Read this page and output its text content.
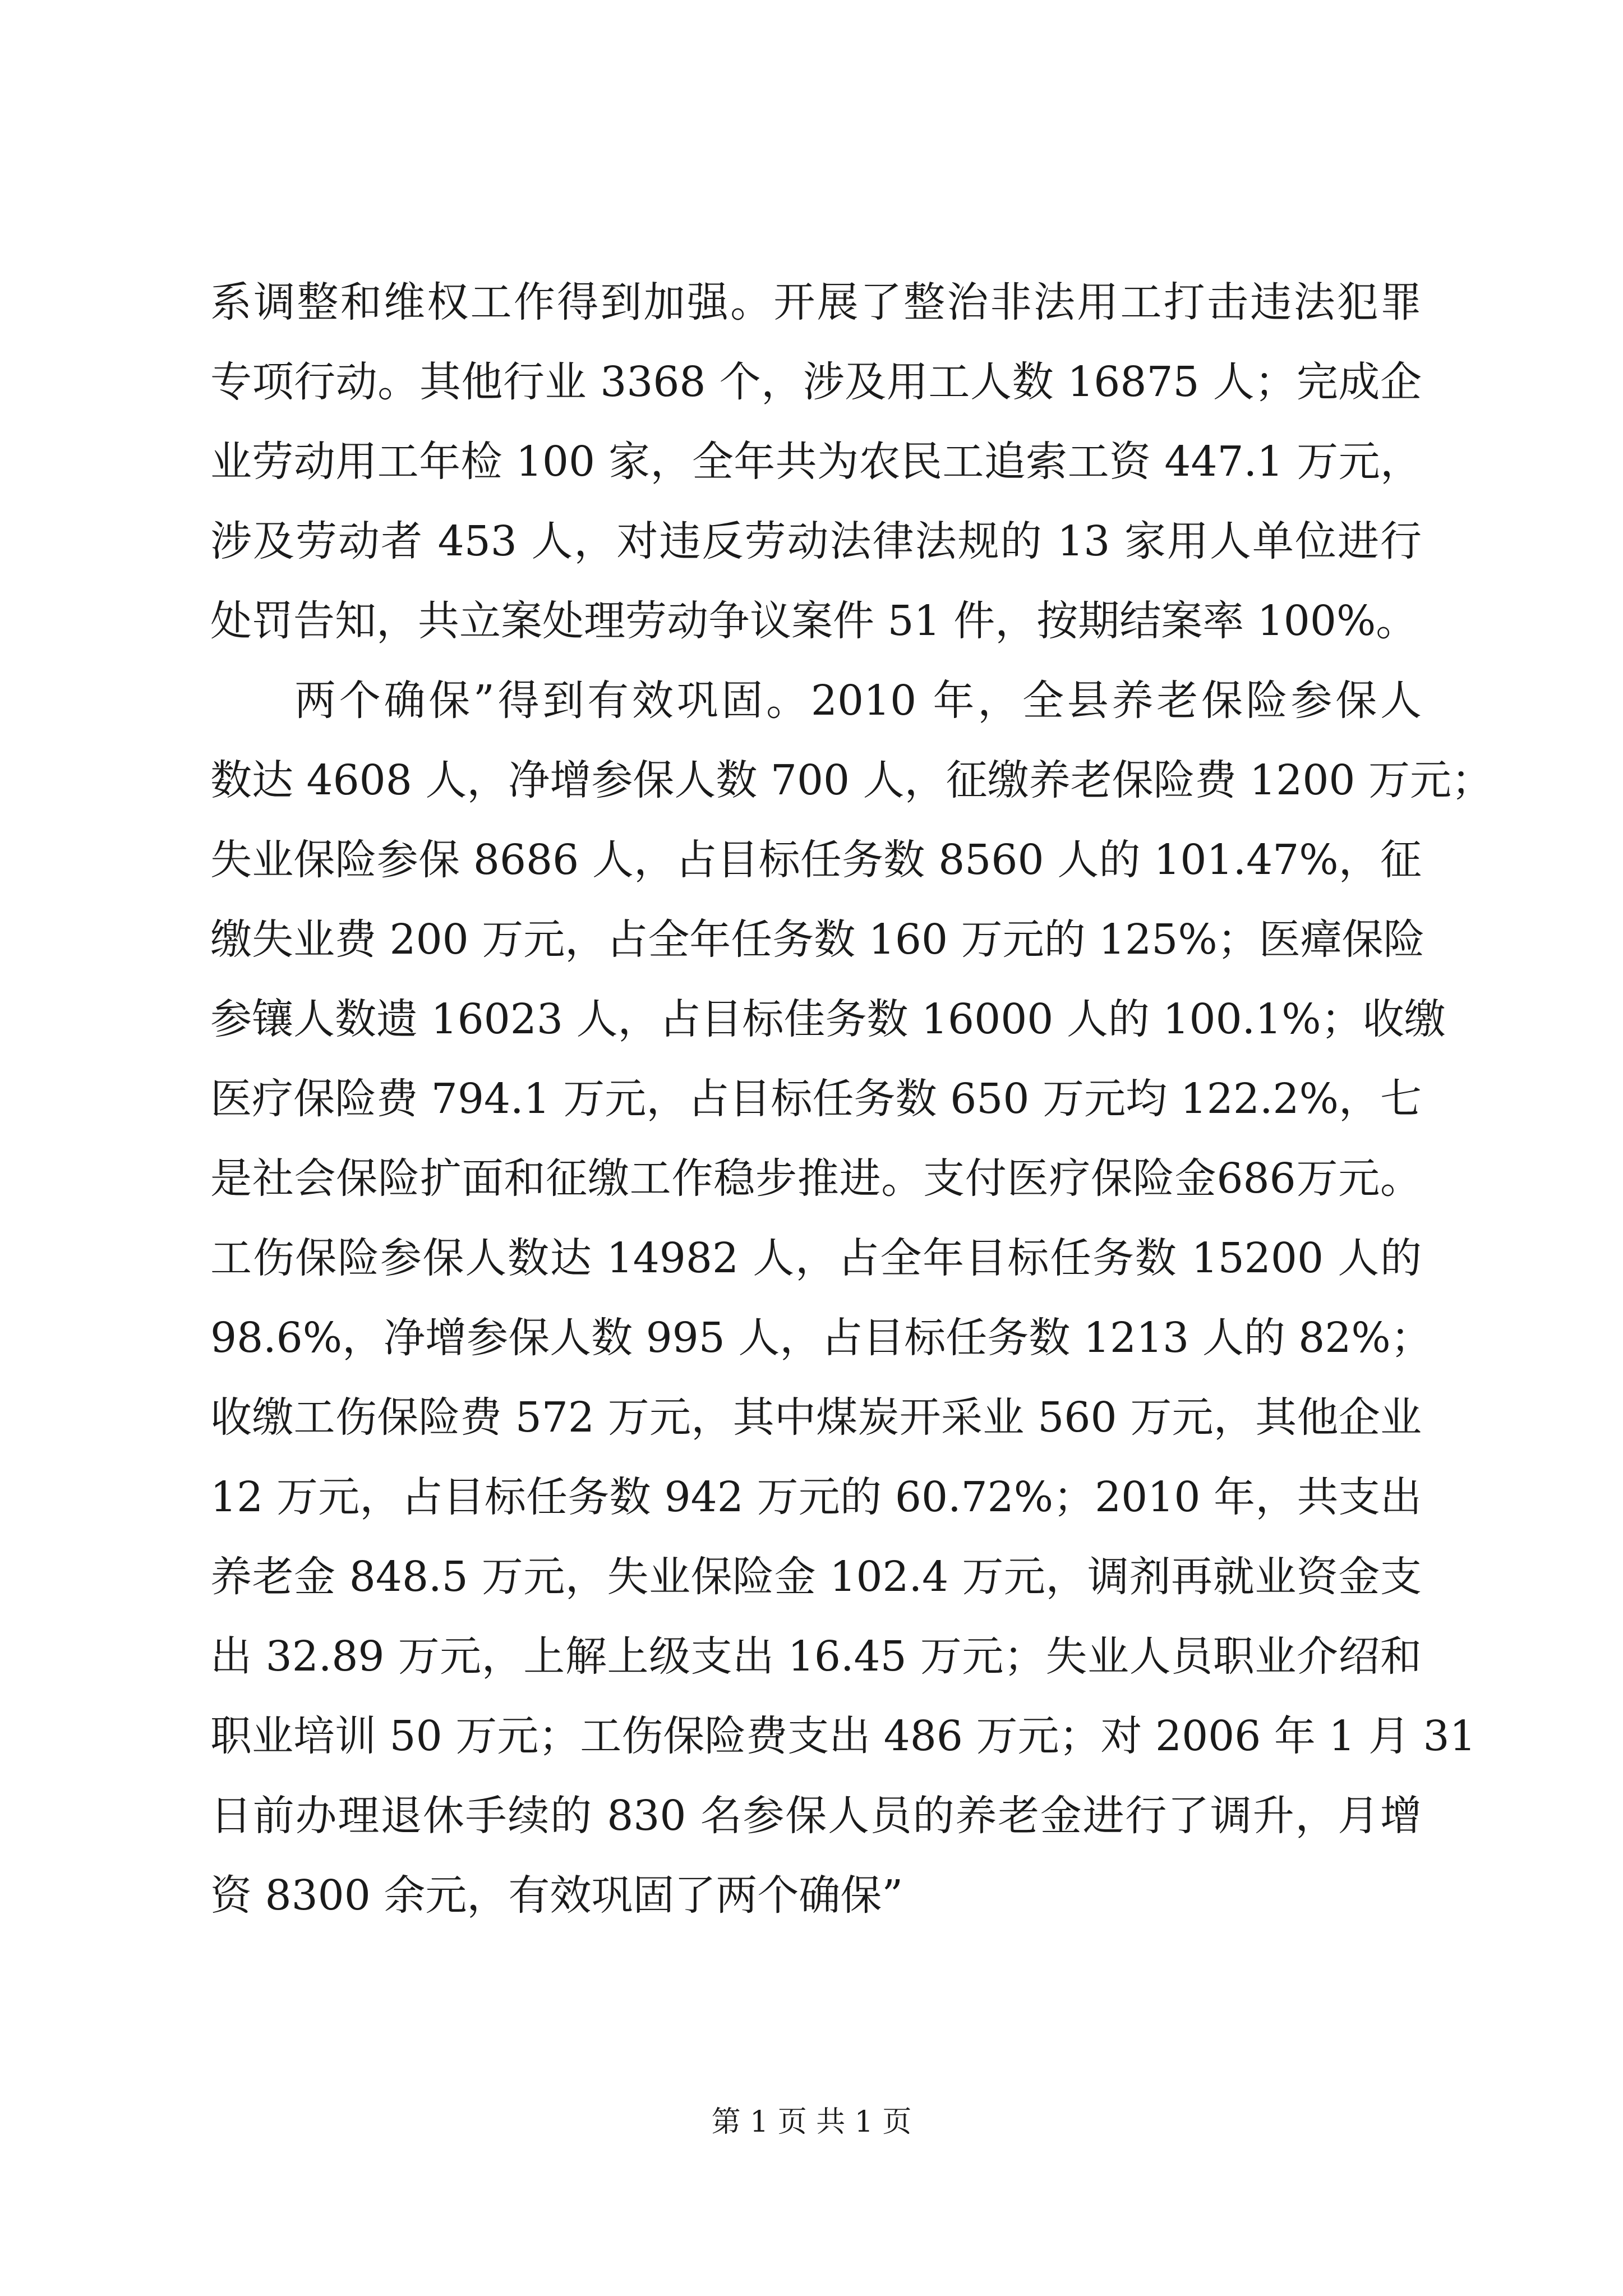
系调整和维权工作得到加强。开展了整治非法用工打击违法犯罪
专项行动。其他行业 3368 个，涉及用工人数 16875 人；完成企
业劳动用工年检 100 家，全年共为农民工追索工资 447.1 万元，
涉及劳动者 453 人，对违反劳动法律法规的 13 家用人单位进行
处罚告知，共立案处理劳动争议案件 51 件，按期结案率 100%。
两个确保”得到有效巩固。2010 年，全县养老保险参保人
数达 4608 人，净增参保人数 700 人，征缴养老保险费 1200 万元；
失业保险参保 8686 人，占目标任务数 8560 人的 101.47%，征
缴失业费 200 万元，占全年任务数 160 万元的 125%；医瘴保险
参镶人数遗 16023 人，占目标佳务数 16000 人的 100.1%；收缴
医疗保险费 794.1 万元，占目标任务数 650 万元均 122.2%，七
是社会保险扩面和征缴工作稳步推进。支付医疗保险金686万元。
工伤保险参保人数达 14982 人，占全年目标任务数 15200 人的
98.6%，净增参保人数 995 人，占目标任务数 1213 人的 82%；
收缴工伤保险费 572 万元，其中煤炭开采业 560 万元，其他企业
12 万元，占目标任务数 942 万元的 60.72%；2010 年，共支出
养老金 848.5 万元，失业保险金 102.4 万元，调剂再就业资金支
出 32.89 万元，上解上级支出 16.45 万元；失业人员职业介绍和
职业培训 50 万元；工伤保险费支出 486 万元；对 2006 年 1 月 31
日前办理退休手续的 830 名参保人员的养老金进行了调升，月增
资 8300 余元，有效巩固了两个确保”
第 1 页 共 1 页
